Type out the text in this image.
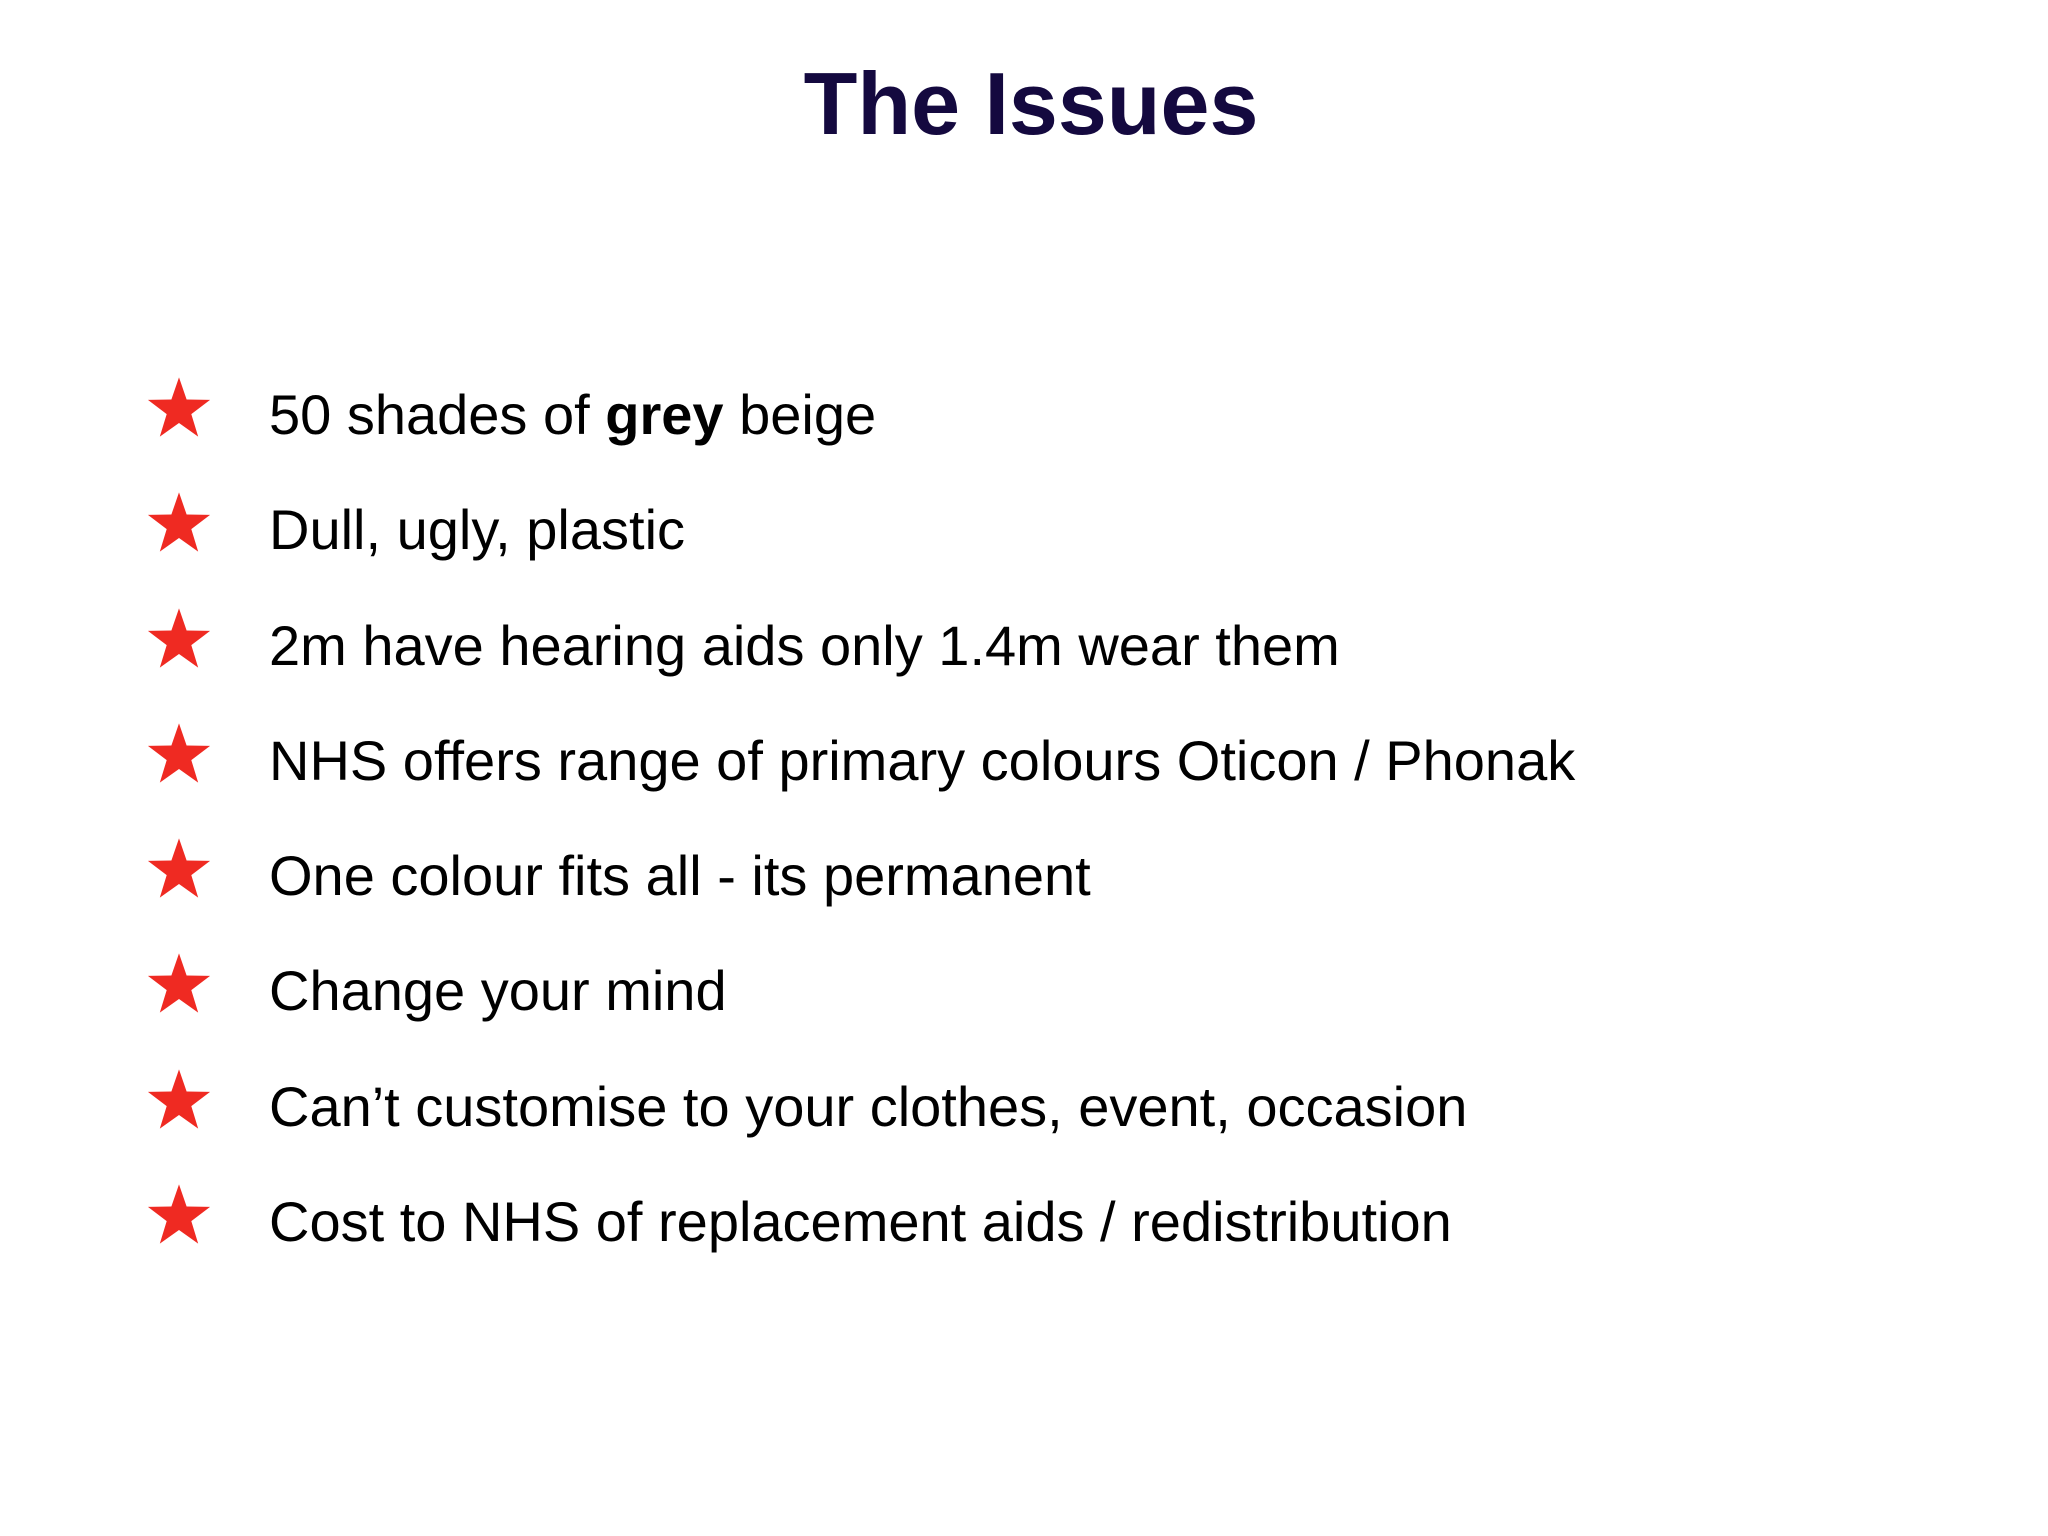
The Issues
50 shades of grey beige
Dull, ugly, plastic
2m have hearing aids only 1.4m wear them
NHS offers range of primary colours Oticon / Phonak
One colour fits all - its permanent
Change your mind
Can’t customise to your clothes, event, occasion
Cost to NHS of replacement aids / redistribution
